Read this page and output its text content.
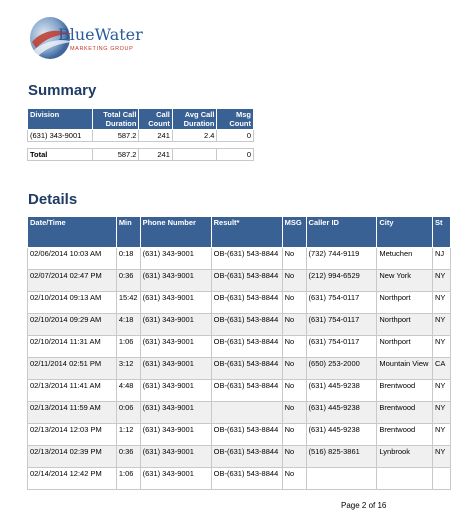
BlueWater
MARKETING GROUP
Summary
Division	Total Call Duration	Call Count	Avg Call Duration	Msg Count
(631) 343-9001	587.2	241	2.4	0

Total	587.2	241		0
Details
Date/Time	Min	Phone Number	Result*	MSG	Caller ID	City	St
02/06/2014 10:03 AM	0:18	(631) 343-9001	OB-(631) 543-8844	No	(732) 744-9119	Metuchen	NJ
02/07/2014 02:47 PM	0:36	(631) 343-9001	OB-(631) 543-8844	No	(212) 994-6529	New York	NY
02/10/2014 09:13 AM	15:42	(631) 343-9001	OB-(631) 543-8844	No	(631) 754-0117	Northport	NY
02/10/2014 09:29 AM	4:18	(631) 343-9001	OB-(631) 543-8844	No	(631) 754-0117	Northport	NY
02/10/2014 11:31 AM	1:06	(631) 343-9001	OB-(631) 543-8844	No	(631) 754-0117	Northport	NY
02/11/2014 02:51 PM	3:12	(631) 343-9001	OB-(631) 543-8844	No	(650) 253-2000	Mountain View	CA
02/13/2014 11:41 AM	4:48	(631) 343-9001	OB-(631) 543-8844	No	(631) 445-9238	Brentwood	NY
02/13/2014 11:59 AM	0:06	(631) 343-9001		No	(631) 445-9238	Brentwood	NY
02/13/2014 12:03 PM	1:12	(631) 343-9001	OB-(631) 543-8844	No	(631) 445-9238	Brentwood	NY
02/13/2014 02:39 PM	0:36	(631) 343-9001	OB-(631) 543-8844	No	(516) 825-3861	Lynbrook	NY
02/14/2014 12:42 PM	1:06	(631) 343-9001	OB-(631) 543-8844	No			
Page 2 of 16
